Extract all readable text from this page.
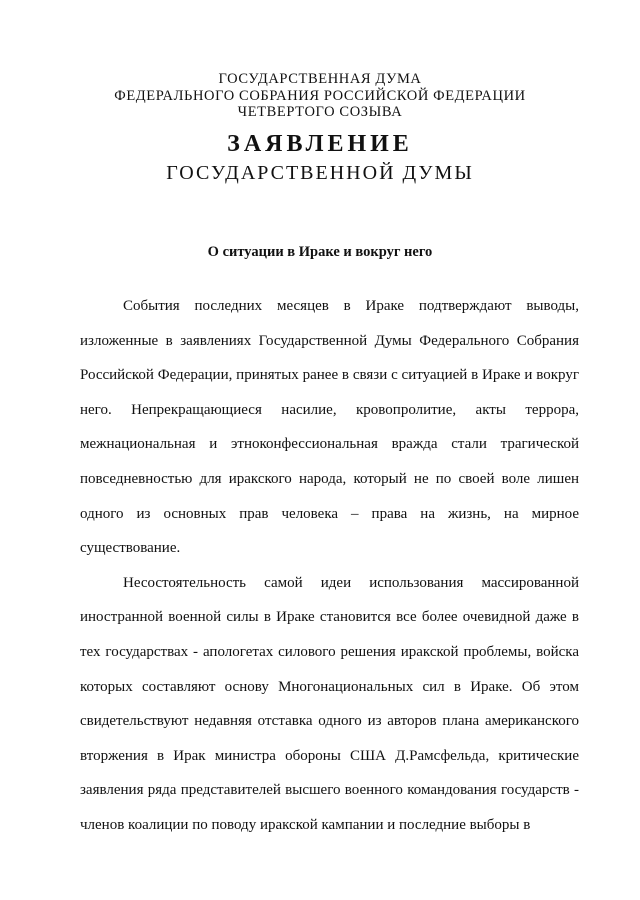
ГОСУДАРСТВЕННАЯ ДУМА
ФЕДЕРАЛЬНОГО СОБРАНИЯ РОССИЙСКОЙ ФЕДЕРАЦИИ
ЧЕТВЕРТОГО СОЗЫВА
ЗАЯВЛЕНИЕ
ГОСУДАРСТВЕННОЙ ДУМЫ
О ситуации в Ираке и вокруг него

События последних месяцев в Ираке подтверждают выводы, изложенные в заявлениях Государственной Думы Федерального Собрания Российской Федерации, принятых ранее в связи с ситуацией в Ираке и вокруг него. Непрекращающиеся насилие, кровопролитие, акты террора, межнациональная и этноконфессиональная вражда стали трагической повседневностью для иракского народа, который не по своей воле лишен одного из основных прав человека – права на жизнь, на мирное существование.

Несостоятельность самой идеи использования массированной иностранной военной силы в Ираке становится все более очевидной даже в тех государствах - апологетах силового решения иракской проблемы, войска которых составляют основу Многонациональных сил в Ираке. Об этом свидетельствуют недавняя отставка одного из авторов плана американского вторжения в Ирак министра обороны США Д.Рамсфельда, критические заявления ряда представителей высшего военного командования государств - членов коалиции по поводу иракской кампании и последние выборы в
